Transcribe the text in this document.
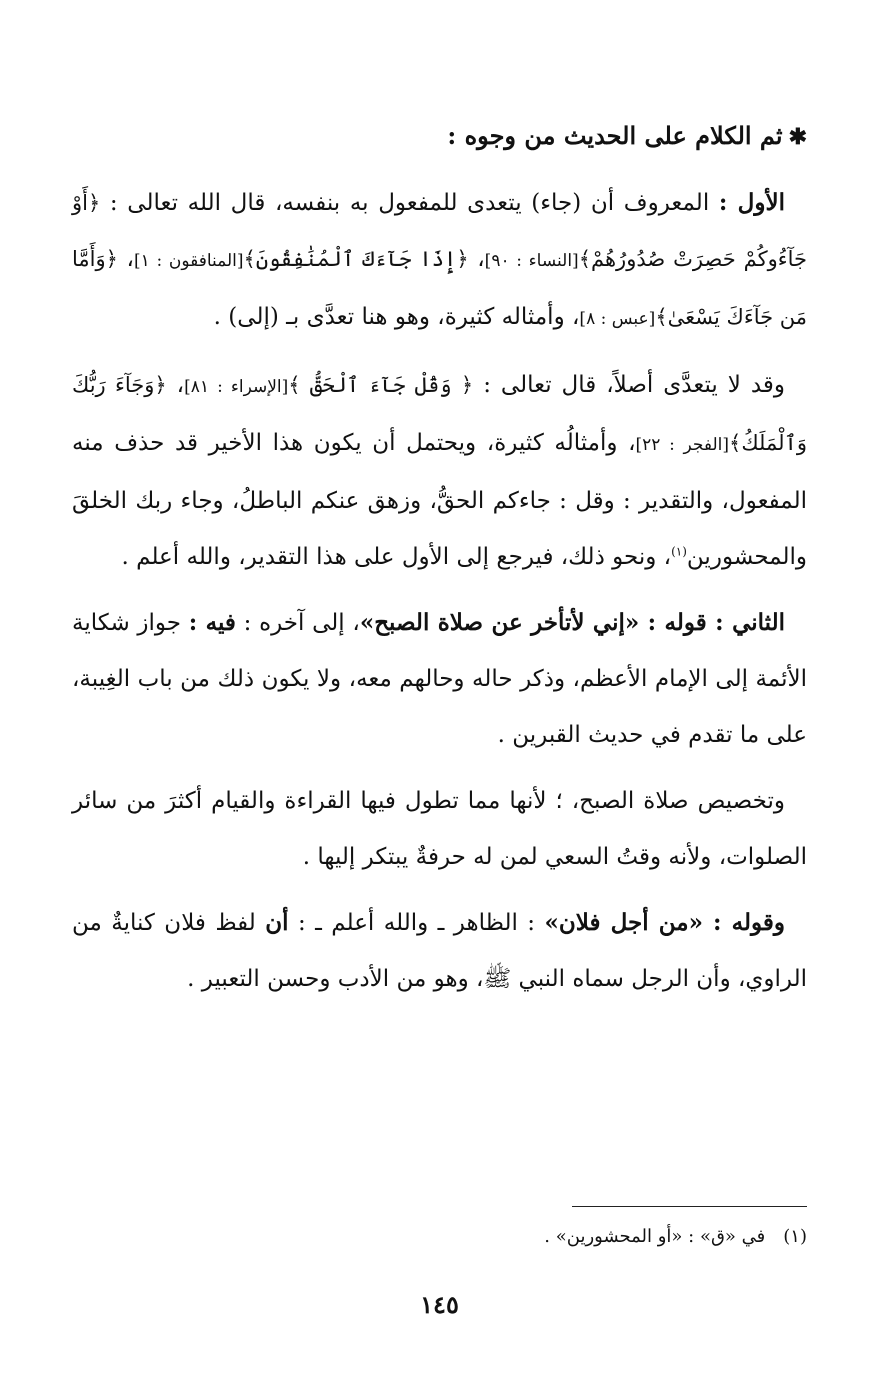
✱ثم الكلام على الحديث من وجوه :

الأول : المعروف أن (جاء) يتعدى للمفعول به بنفسه، قال الله تعالى : ﴿أَوْ جَآءُوكُمْ حَصِرَتْ صُدُورُهُمْ﴾[النساء : ٩٠]، ﴿إِذَا جَآءَكَ ٱلْمُنَٰفِقُونَ﴾[المنافقون : ١]، ﴿وَأَمَّا مَن جَآءَكَ يَسْعَىٰ﴾[عبس : ٨]، وأمثاله كثيرة، وهو هنا تعدَّى بـ (إلى) .

وقد لا يتعدَّى أصلاً، قال تعالى : ﴿ وَقُلْ جَآءَ ٱلْحَقُّ ﴾[الإسراء : ٨١]، ﴿وَجَآءَ رَبُّكَ وَٱلْمَلَكُ﴾[الفجر : ٢٢]، وأمثالُه كثيرة، ويحتمل أن يكون هذا الأخير قد حذف منه المفعول، والتقدير : وقل : جاءكم الحقُّ، وزهق عنكم الباطلُ، وجاء ربك الخلقَ والمحشورين$^{(١)}$، ونحو ذلك، فيرجع إلى الأول على هذا التقدير، والله أعلم .

الثاني : قوله : «إني لأتأخر عن صلاة الصبح»، إلى آخره : فيه : جواز شكاية الأئمة إلى الإمام الأعظم، وذكر حاله وحالهم معه، ولا يكون ذلك من باب الغِيبة، على ما تقدم في حديث القبرين .

وتخصيص صلاة الصبح، ؛ لأنها مما تطول فيها القراءة والقيام أكثرَ من سائر الصلوات، ولأنه وقتُ السعي لمن له حرفةٌ يبتكر إليها .

وقوله : «من أجل فلان» : الظاهر ـ والله أعلم ـ : أن لفظ فلان كنايةٌ من الراوي، وأن الرجل سماه النبي ﷺ، وهو من الأدب وحسن التعبير .

(١)في «ق» : «أو المحشورين» .
١٤٥
